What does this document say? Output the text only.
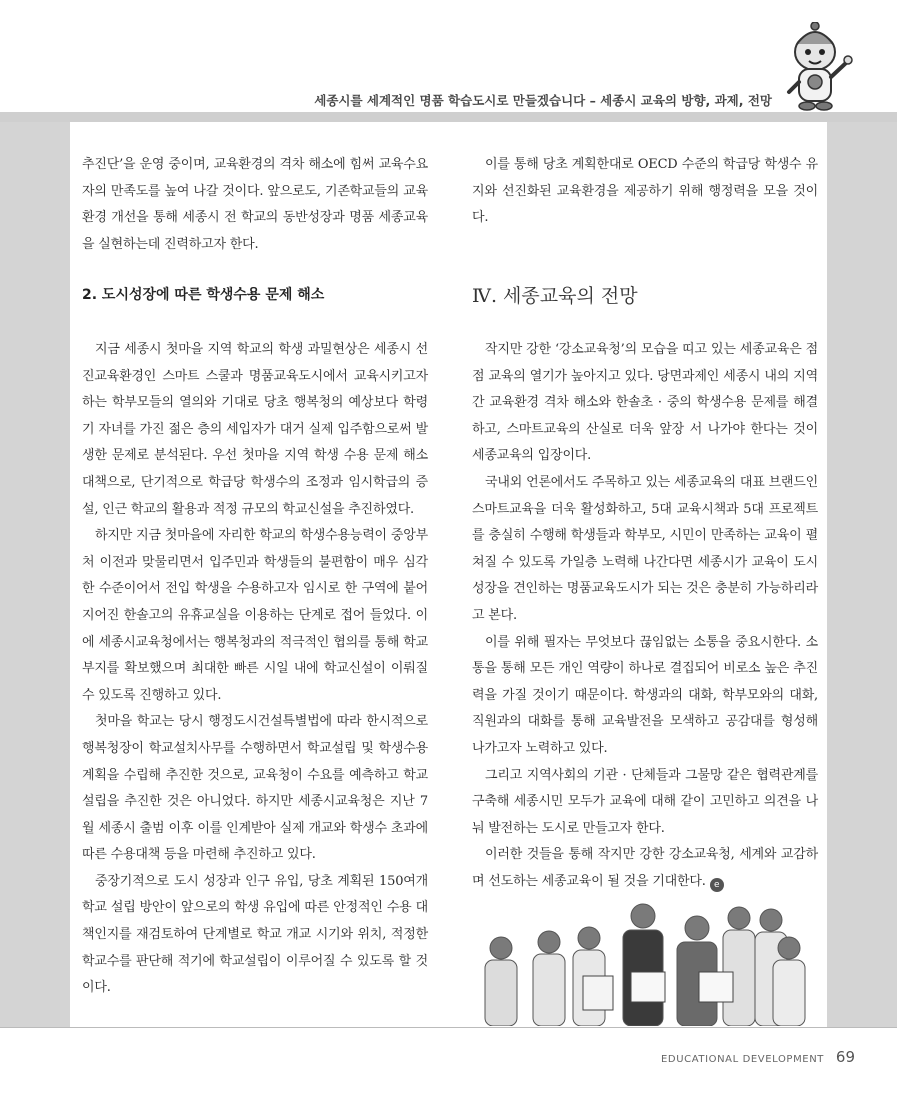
세종시를 세계적인 명품 학습도시로 만들겠습니다 – 세종시 교육의 방향, 과제, 전망

추진단’을 운영 중이며, 교육환경의 격차 해소에 힘써 교육수요자의 만족도를 높여 나갈 것이다. 앞으로도, 기존학교들의 교육환경 개선을 통해 세종시 전 학교의 동반성장과 명품 세종교육을 실현하는데 진력하고자 한다.

2. 도시성장에 따른 학생수용 문제 해소

지금 세종시 첫마을 지역 학교의 학생 과밀현상은 세종시 선진교육환경인 스마트 스쿨과 명품교육도시에서 교육시키고자 하는 학부모들의 열의와 기대로 당초 행복청의 예상보다 학령기 자녀를 가진 젊은 층의 세입자가 대거 실제 입주함으로써 발생한 문제로 분석된다. 우선 첫마을 지역 학생 수용 문제 해소 대책으로, 단기적으로 학급당 학생수의 조정과 임시학급의 증설, 인근 학교의 활용과 적정 규모의 학교신설을 추진하였다.

하지만 지금 첫마을에 자리한 학교의 학생수용능력이 중앙부처 이전과 맞물리면서 입주민과 학생들의 불편함이 매우 심각한 수준이어서 전입 학생을 수용하고자 임시로 한 구역에 붙어 지어진 한솔고의 유휴교실을 이용하는 단계로 접어 들었다. 이에 세종시교육청에서는 행복청과의 적극적인 협의를 통해 학교부지를 확보했으며 최대한 빠른 시일 내에 학교신설이 이뤄질 수 있도록 진행하고 있다.

첫마을 학교는 당시 행정도시건설특별법에 따라 한시적으로 행복청장이 학교설치사무를 수행하면서 학교설립 및 학생수용계획을 수립해 추진한 것으로, 교육청이 수요를 예측하고 학교 설립을 추진한 것은 아니었다. 하지만 세종시교육청은 지난 7월 세종시 출범 이후 이를 인계받아 실제 개교와 학생수 초과에 따른 수용대책 등을 마련해 추진하고 있다.

중장기적으로 도시 성장과 인구 유입, 당초 계획된 150여개 학교 설립 방안이 앞으로의 학생 유입에 따른 안정적인 수용 대책인지를 재검토하여 단계별로 학교 개교 시기와 위치, 적정한 학교수를 판단해 적기에 학교설립이 이루어질 수 있도록 할 것이다.

이를 통해 당초 계획한대로 OECD 수준의 학급당 학생수 유지와 선진화된 교육환경을 제공하기 위해 행정력을 모을 것이다.

Ⅳ. 세종교육의 전망

작지만 강한 ‘강소교육청’의 모습을 띠고 있는 세종교육은 점점 교육의 열기가 높아지고 있다. 당면과제인 세종시 내의 지역 간 교육환경 격차 해소와 한솔초 · 중의 학생수용 문제를 해결하고, 스마트교육의 산실로 더욱 앞장 서 나가야 한다는 것이 세종교육의 입장이다.

국내외 언론에서도 주목하고 있는 세종교육의 대표 브랜드인 스마트교육을 더욱 활성화하고, 5대 교육시책과 5대 프로젝트를 충실히 수행해 학생들과 학부모, 시민이 만족하는 교육이 펼쳐질 수 있도록 가일층 노력해 나간다면 세종시가 교육이 도시성장을 견인하는 명품교육도시가 되는 것은 충분히 가능하리라고 본다.

이를 위해 필자는 무엇보다 끊임없는 소통을 중요시한다. 소통을 통해 모든 개인 역량이 하나로 결집되어 비로소 높은 추진력을 가질 것이기 때문이다. 학생과의 대화, 학부모와의 대화, 직원과의 대화를 통해 교육발전을 모색하고 공감대를 형성해 나가고자 노력하고 있다.

그리고 지역사회의 기관 · 단체들과 그물망 같은 협력관계를 구축해 세종시민 모두가 교육에 대해 같이 고민하고 의견을 나눠 발전하는 도시로 만들고자 한다.

이러한 것들을 통해 작지만 강한 강소교육청, 세계와 교감하며 선도하는 세종교육이 될 것을 기대한다. e

EDUCATIONAL DEVELOPMENT 69
